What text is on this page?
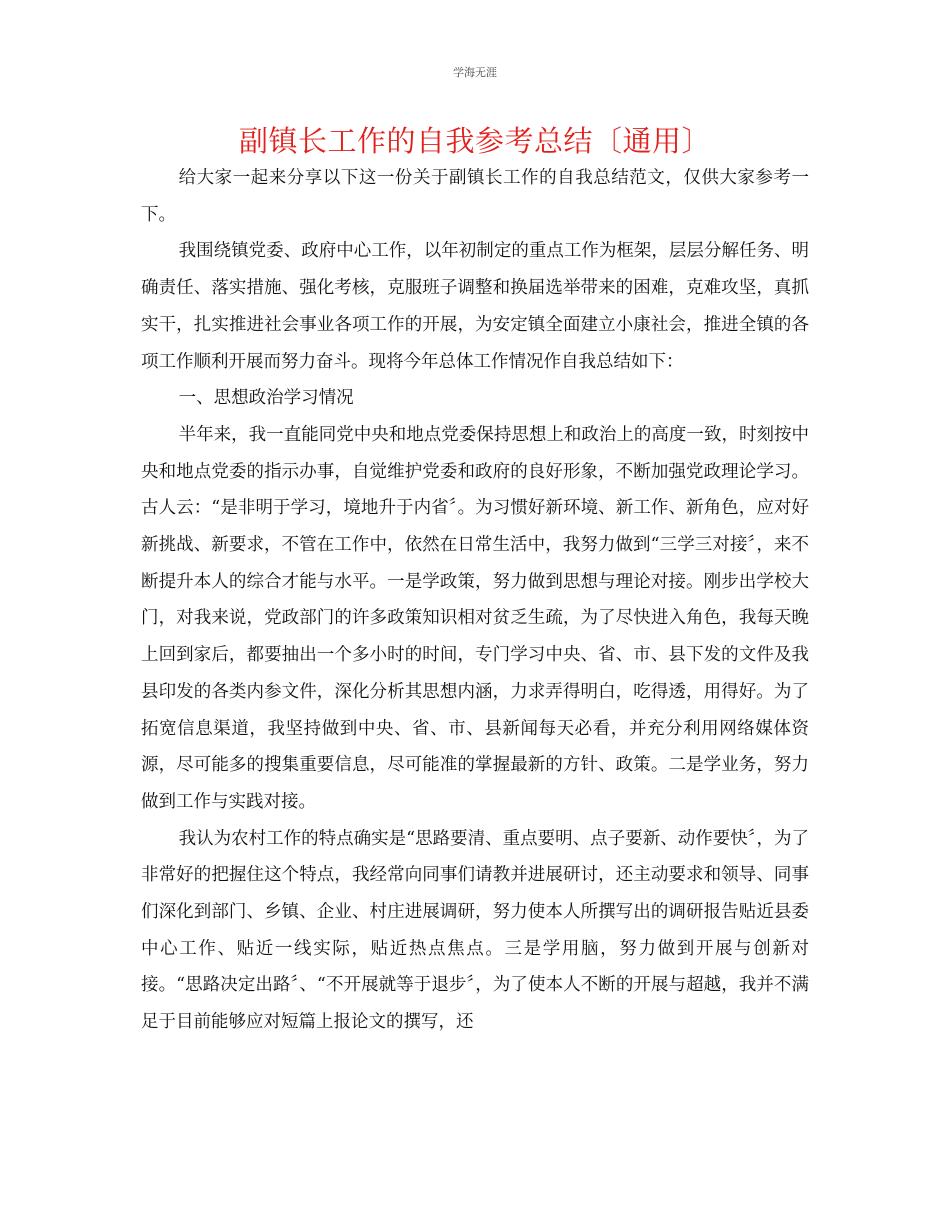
学海无涯
副镇长工作的自我参考总结〔通用〕

给大家一起来分享以下这一份关于副镇长工作的自我总结范文，仅供大家参考一下。

我围绕镇党委、政府中心工作，以年初制定的重点工作为框架，层层分解任务、明确责任、落实措施、强化考核，克服班子调整和换届选举带来的困难，克难攻坚，真抓实干，扎实推进社会事业各项工作的开展，为安定镇全面建立小康社会，推进全镇的各项工作顺利开展而努力奋斗。现将今年总体工作情况作自我总结如下：

一、思想政治学习情况

半年来，我一直能同党中央和地点党委保持思想上和政治上的高度一致，时刻按中央和地点党委的指示办事，自觉维护党委和政府的良好形象，不断加强党政理论学习。古人云：“是非明于学习，境地升于内省〞。为习惯好新环境、新工作、新角色，应对好新挑战、新要求，不管在工作中，依然在日常生活中，我努力做到“三学三对接〞，来不断提升本人的综合才能与水平。一是学政策，努力做到思想与理论对接。刚步出学校大门，对我来说，党政部门的许多政策知识相对贫乏生疏，为了尽快进入角色，我每天晚上回到家后，都要抽出一个多小时的时间，专门学习中央、省、市、县下发的文件及我县印发的各类内参文件，深化分析其思想内涵，力求弄得明白，吃得透，用得好。为了拓宽信息渠道，我坚持做到中央、省、市、县新闻每天必看，并充分利用网络媒体资源，尽可能多的搜集重要信息，尽可能准的掌握最新的方针、政策。二是学业务，努力做到工作与实践对接。

我认为农村工作的特点确实是“思路要清、重点要明、点子要新、动作要快〞，为了非常好的把握住这个特点，我经常向同事们请教并进展研讨，还主动要求和领导、同事们深化到部门、乡镇、企业、村庄进展调研，努力使本人所撰写出的调研报告贴近县委中心工作、贴近一线实际，贴近热点焦点。三是学用脑，努力做到开展与创新对接。“思路决定出路〞、“不开展就等于退步〞，为了使本人不断的开展与超越，我并不满足于目前能够应对短篇上报论文的撰写，还
